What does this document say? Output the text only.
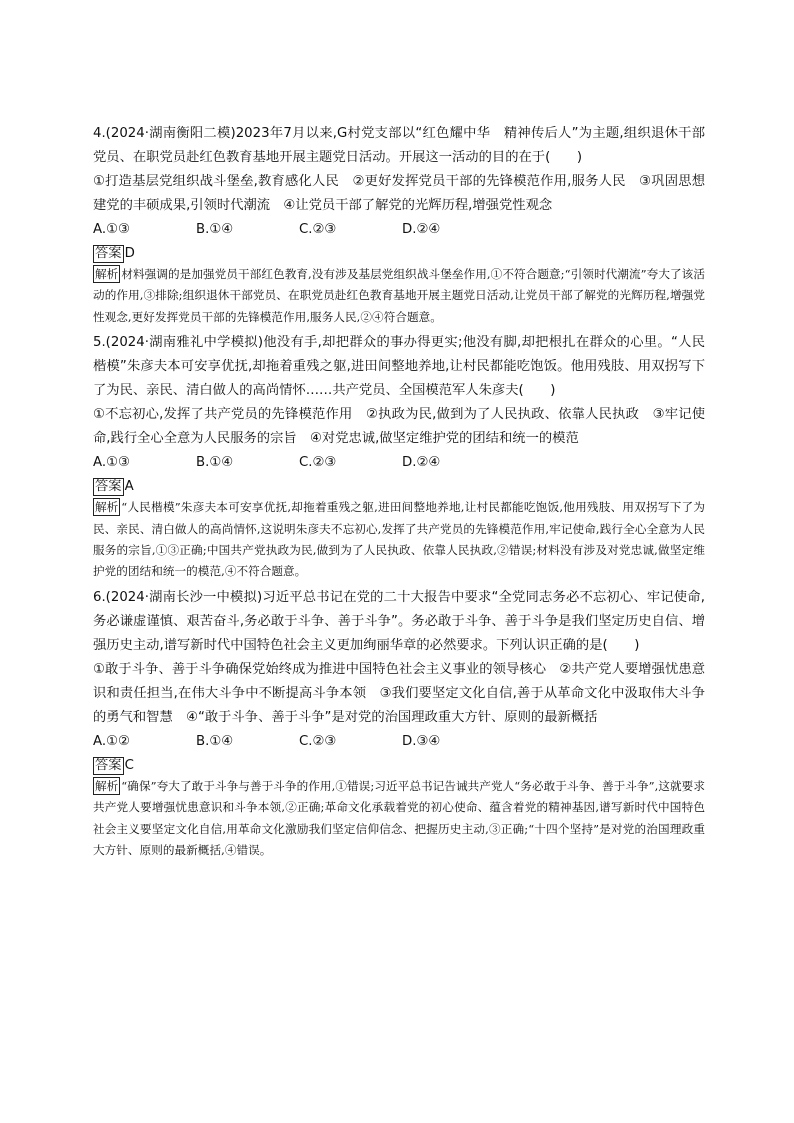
4.(2024·湖南衡阳二模)2023年7月以来,G村党支部以“红色耀中华　精神传后人”为主题,组织退休干部党员、在职党员赴红色教育基地开展主题党日活动。开展这一活动的目的在于(　　)

①打造基层党组织战斗堡垒,教育感化人民　②更好发挥党员干部的先锋模范作用,服务人民　③巩固思想建党的丰硕成果,引领时代潮流　④让党员干部了解党的光辉历程,增强党性观念

A.①③	B.①④	C.②③	D.②④

答案 D

解析 材料强调的是加强党员干部红色教育,没有涉及基层党组织战斗堡垒作用,①不符合题意;“引领时代潮流”夸大了该活动的作用,③排除;组织退休干部党员、在职党员赴红色教育基地开展主题党日活动,让党员干部了解党的光辉历程,增强党性观念,更好发挥党员干部的先锋模范作用,服务人民,②④符合题意。

5.(2024·湖南雅礼中学模拟)他没有手,却把群众的事办得更实;他没有脚,却把根扎在群众的心里。“人民楷模”朱彦夫本可安享优抚,却拖着重残之躯,进田间整地养地,让村民都能吃饱饭。他用残肢、用双拐写下了为民、亲民、清白做人的高尚情怀……共产党员、全国模范军人朱彦夫(　　)

①不忘初心,发挥了共产党员的先锋模范作用　②执政为民,做到为了人民执政、依靠人民执政　③牢记使命,践行全心全意为人民服务的宗旨　④对党忠诚,做坚定维护党的团结和统一的模范

A.①③	B.①④	C.②③	D.②④

答案 A

解析 “人民楷模”朱彦夫本可安享优抚,却拖着重残之躯,进田间整地养地,让村民都能吃饱饭,他用残肢、用双拐写下了为民、亲民、清白做人的高尚情怀,这说明朱彦夫不忘初心,发挥了共产党员的先锋模范作用,牢记使命,践行全心全意为人民服务的宗旨,①③正确;中国共产党执政为民,做到为了人民执政、依靠人民执政,②错误;材料没有涉及对党忠诚,做坚定维护党的团结和统一的模范,④不符合题意。

6.(2024·湖南长沙一中模拟)习近平总书记在党的二十大报告中要求“全党同志务必不忘初心、牢记使命,务必谦虚谨慎、艰苦奋斗,务必敢于斗争、善于斗争”。务必敢于斗争、善于斗争是我们坚定历史自信、增强历史主动,谱写新时代中国特色社会主义更加绚丽华章的必然要求。下列认识正确的是(　　)

①敢于斗争、善于斗争确保党始终成为推进中国特色社会主义事业的领导核心　②共产党人要增强忧患意识和责任担当,在伟大斗争中不断提高斗争本领　③我们要坚定文化自信,善于从革命文化中汲取伟大斗争的勇气和智慧　④“敢于斗争、善于斗争”是对党的治国理政重大方针、原则的最新概括

A.①②	B.①④	C.②③	D.③④

答案 C

解析 “确保”夸大了敢于斗争与善于斗争的作用,①错误;习近平总书记告诫共产党人“务必敢于斗争、善于斗争”,这就要求共产党人要增强忧患意识和斗争本领,②正确;革命文化承载着党的初心使命、蕴含着党的精神基因,谱写新时代中国特色社会主义要坚定文化自信,用革命文化激励我们坚定信仰信念、把握历史主动,③正确;“十四个坚持”是对党的治国理政重大方针、原则的最新概括,④错误。
